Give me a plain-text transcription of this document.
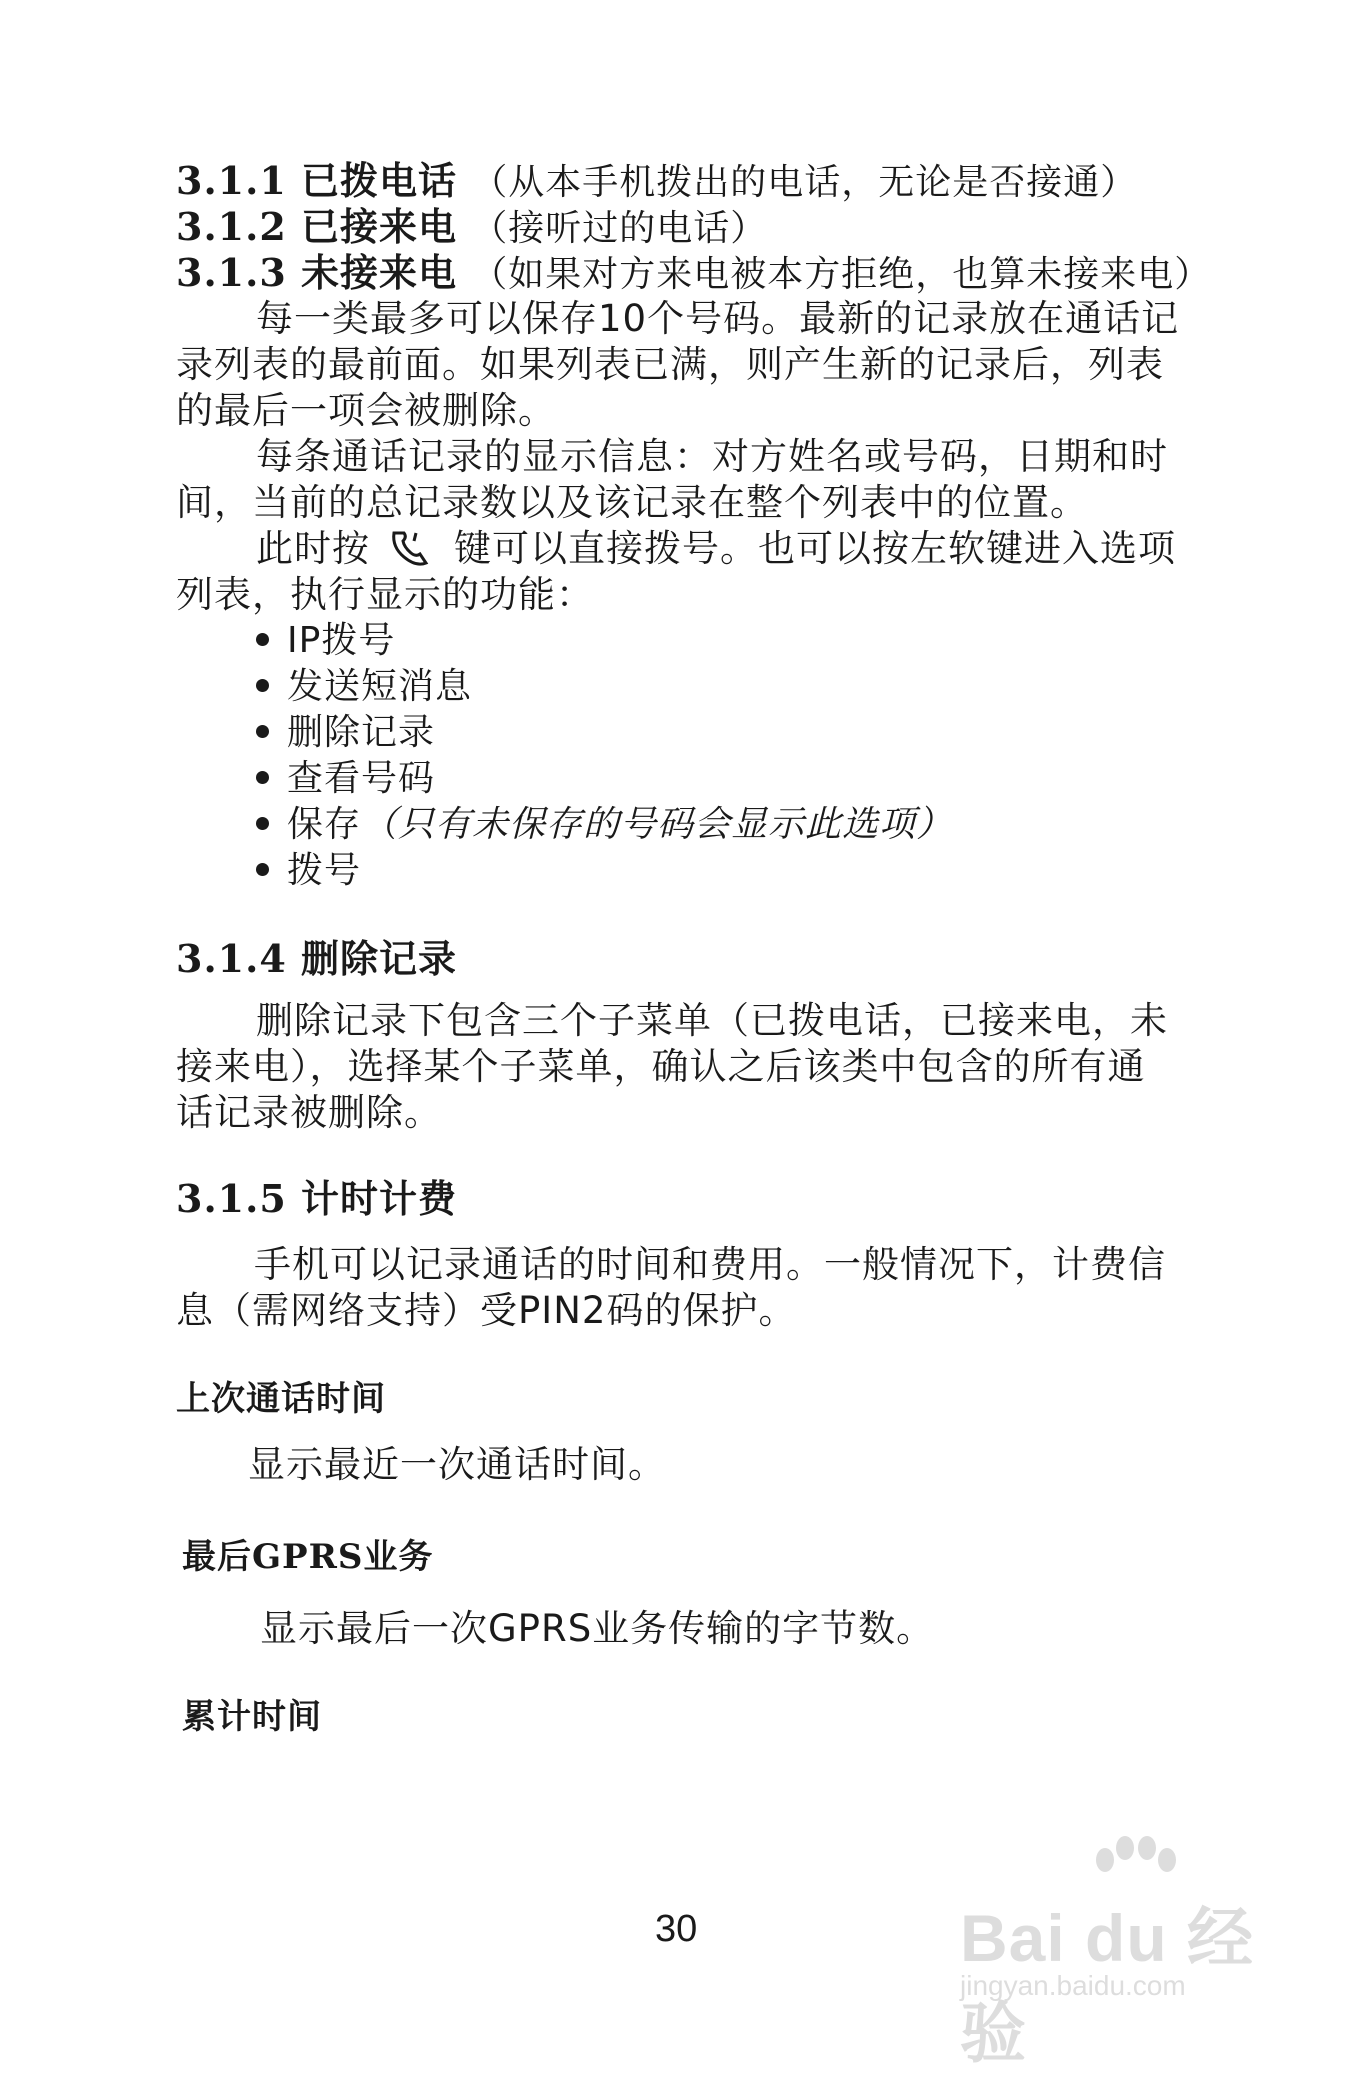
3.1.1 已拨电话 （从本手机拨出的电话，无论是否接通）
3.1.2 已接来电 （接听过的电话）
3.1.3 未接来电 （如果对方来电被本方拒绝，也算未接来电）
每一类最多可以保存10个号码。最新的记录放在通话记
录列表的最前面。如果列表已满，则产生新的记录后，列表
的最后一项会被删除。
每条通话记录的显示信息：对方姓名或号码，日期和时
间，当前的总记录数以及该记录在整个列表中的位置。
此时按 键可以直接拨号。也可以按左软键进入选项
列表，执行显示的功能：
IP拨号
发送短消息
删除记录
查看号码
保存（只有未保存的号码会显示此选项）
拨号
3.1.4 删除记录
删除记录下包含三个子菜单（已拨电话，已接来电，未
接来电），选择某个子菜单，确认之后该类中包含的所有通
话记录被删除。
3.1.5 计时计费
手机可以记录通话的时间和费用。一般情况下，计费信
息（需网络支持）受PIN2码的保护。
上次通话时间
显示最近一次通话时间。
最后GPRS业务
显示最后一次GPRS业务传输的字节数。
累计时间
30	Bai du 经验
jingyan.baidu.com
